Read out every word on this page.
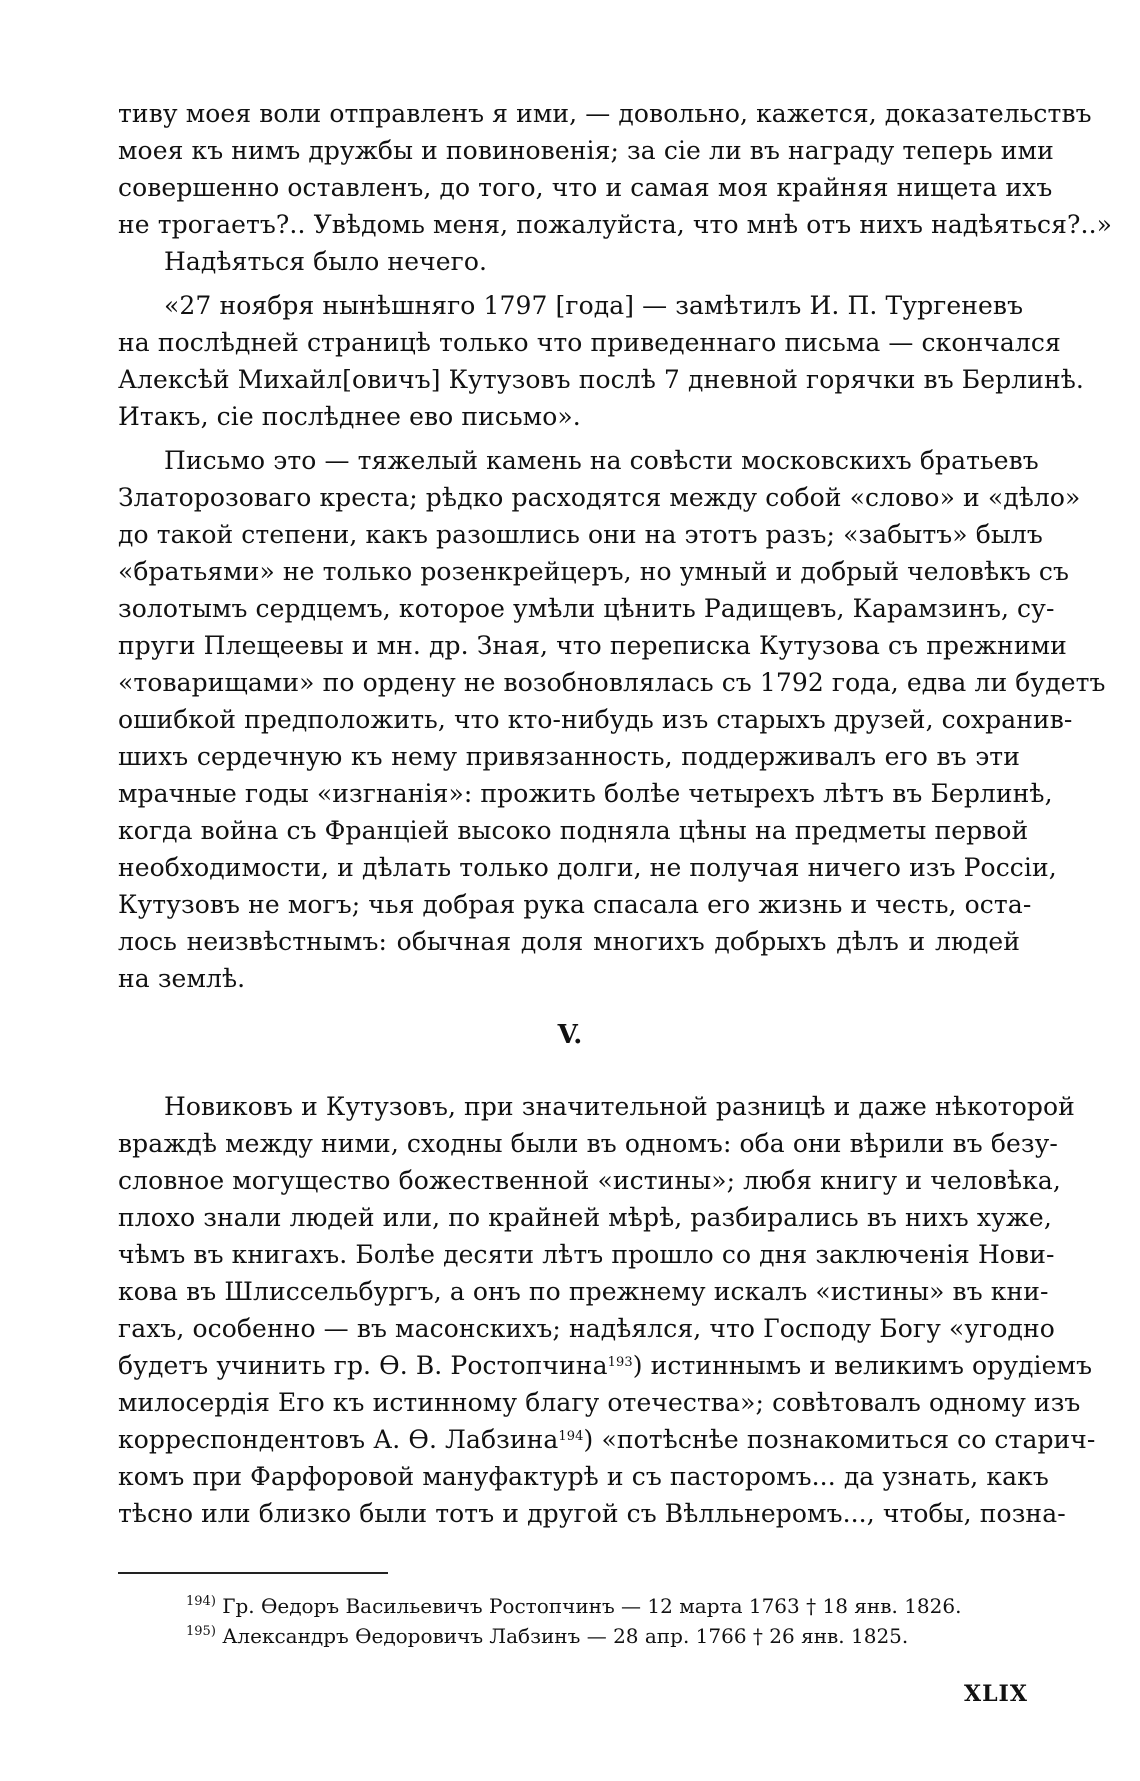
тиву моея воли отправленъ я ими, — довольно, кажется, доказательствъ
моея къ нимъ дружбы и повиновенія; за сіе ли въ награду теперь ими
совершенно оставленъ, до того, что и самая моя крайняя нищета ихъ
не трогаетъ?.. Увѣдомь меня, пожалуйста, что мнѣ отъ нихъ надѣяться?..»
Надѣяться было нечего.
«27 ноября нынѣшняго 1797 [года] — замѣтилъ И. П. Тургеневъ
на послѣдней страницѣ только что приведеннаго письма — скончался
Алексѣй Михайл[овичъ] Кутузовъ послѣ 7 дневной горячки въ Берлинѣ.
Итакъ, сіе послѣднее ево письмо».
Письмо это — тяжелый камень на совѣсти московскихъ братьевъ
Златорозоваго креста; рѣдко расходятся между собой «слово» и «дѣло»
до такой степени, какъ разошлись они на этотъ разъ; «забытъ» былъ
«братьями» не только розенкрейцеръ, но умный и добрый человѣкъ съ
золотымъ сердцемъ, которое умѣли цѣнить Радищевъ, Карамзинъ, су-
пруги Плещеевы и мн. др. Зная, что переписка Кутузова съ прежними
«товарищами» по ордену не возобновлялась съ 1792 года, едва ли будетъ
ошибкой предположить, что кто-нибудь изъ старыхъ друзей, сохранив-
шихъ сердечную къ нему привязанность, поддерживалъ его въ эти
мрачные годы «изгнанія»: прожить болѣе четырехъ лѣтъ въ Берлинѣ,
когда война съ Франціей высоко подняла цѣны на предметы первой
необходимости, и дѣлать только долги, не получая ничего изъ Россіи,
Кутузовъ не могъ; чья добрая рука спасала его жизнь и честь, оста-
лось неизвѣстнымъ: обычная доля многихъ добрыхъ дѣлъ и людей
на землѣ.
V.
Новиковъ и Кутузовъ, при значительной разницѣ и даже нѣкоторой
враждѣ между ними, сходны были въ одномъ: оба они вѣрили въ безу-
словное могущество божественной «истины»; любя книгу и человѣка,
плохо знали людей или, по крайней мѣрѣ, разбирались въ нихъ хуже,
чѣмъ въ книгахъ. Болѣе десяти лѣтъ прошло со дня заключенія Нови-
кова въ Шлиссельбургъ, а онъ по прежнему искалъ «истины» въ кни-
гахъ, особенно — въ масонскихъ; надѣялся, что Господу Богу «угодно
будетъ учинить гр. Ѳ. В. Ростопчина$^{193}$) истиннымъ и великимъ орудіемъ
милосердія Его къ истинному благу отечества»; совѣтовалъ одному изъ
корреспондентовъ А. Ѳ. Лабзина$^{194}$) «потѣснѣе познакомиться со старич-
комъ при Фарфоровой мануфактурѣ и съ пасторомъ... да узнать, какъ
тѣсно или близко были тотъ и другой съ Вѣлльнеромъ..., чтобы, позна-
$^{194)}$ Гр. Ѳедоръ Васильевичъ Ростопчинъ — 12 марта 1763 † 18 янв. 1826.
$^{195)}$ Александръ Ѳедоровичъ Лабзинъ — 28 апр. 1766 † 26 янв. 1825.
XLIX
